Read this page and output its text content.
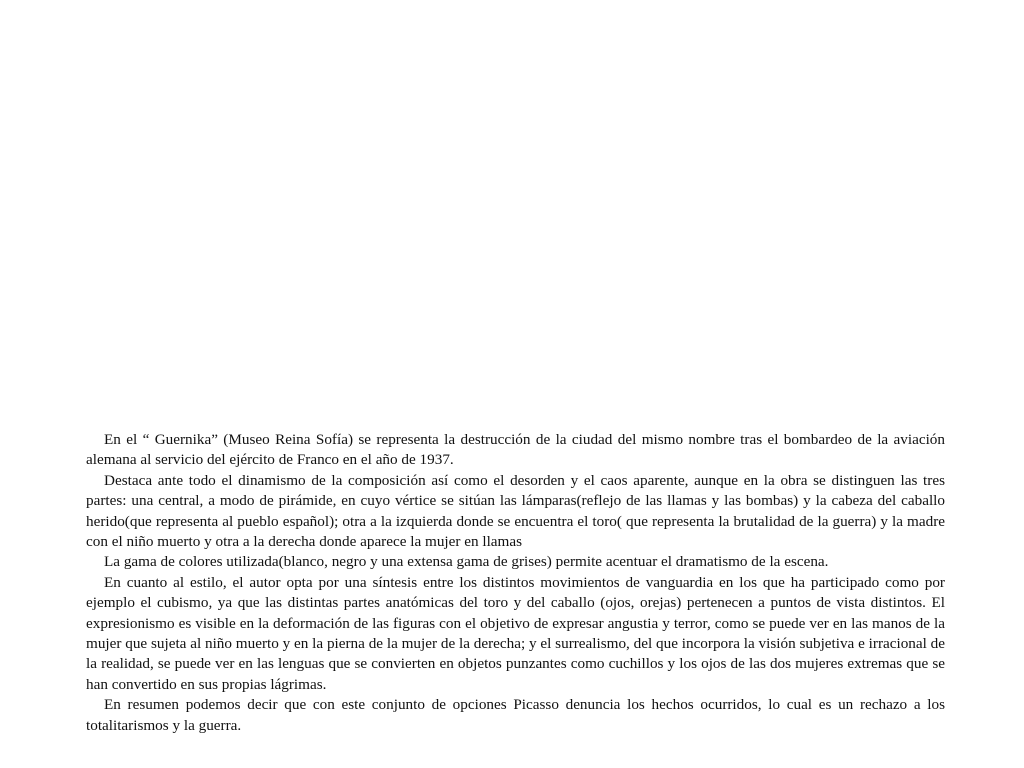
En el “ Guernika” (Museo Reina Sofía) se representa la destrucción de la ciudad del mismo nombre tras el bombardeo de la aviación alemana al servicio del ejército de Franco en el año de 1937.

Destaca ante todo el dinamismo de la composición así como el desorden y el caos aparente, aunque en la obra se distinguen las tres partes: una central, a modo de pirámide, en cuyo vértice se sitúan las lámparas(reflejo de las llamas y las bombas) y la cabeza del caballo herido(que representa al pueblo español); otra a la izquierda donde se encuentra el toro( que representa la brutalidad de la guerra) y la madre con el niño muerto y otra a la derecha donde aparece la mujer en llamas

La gama de colores utilizada(blanco, negro y una extensa gama de grises) permite acentuar el dramatismo de la escena.

En cuanto al estilo, el autor opta por una síntesis entre los distintos movimientos de vanguardia en los que ha participado como por ejemplo el cubismo, ya que las distintas partes anatómicas del toro y del caballo (ojos, orejas) pertenecen a puntos de vista distintos. El expresionismo es visible en la deformación de las figuras con el objetivo de expresar angustia y terror, como se puede ver en las manos de la mujer que sujeta al niño muerto y en la pierna de la mujer de la derecha; y el surrealismo, del que incorpora la visión subjetiva e irracional de la realidad, se puede ver en las lenguas que se convierten en objetos punzantes como cuchillos y los ojos de las dos mujeres extremas que se han convertido en sus propias lágrimas.

En resumen podemos decir que con este conjunto de opciones Picasso denuncia los hechos ocurridos, lo cual es un rechazo a los totalitarismos y la guerra.
